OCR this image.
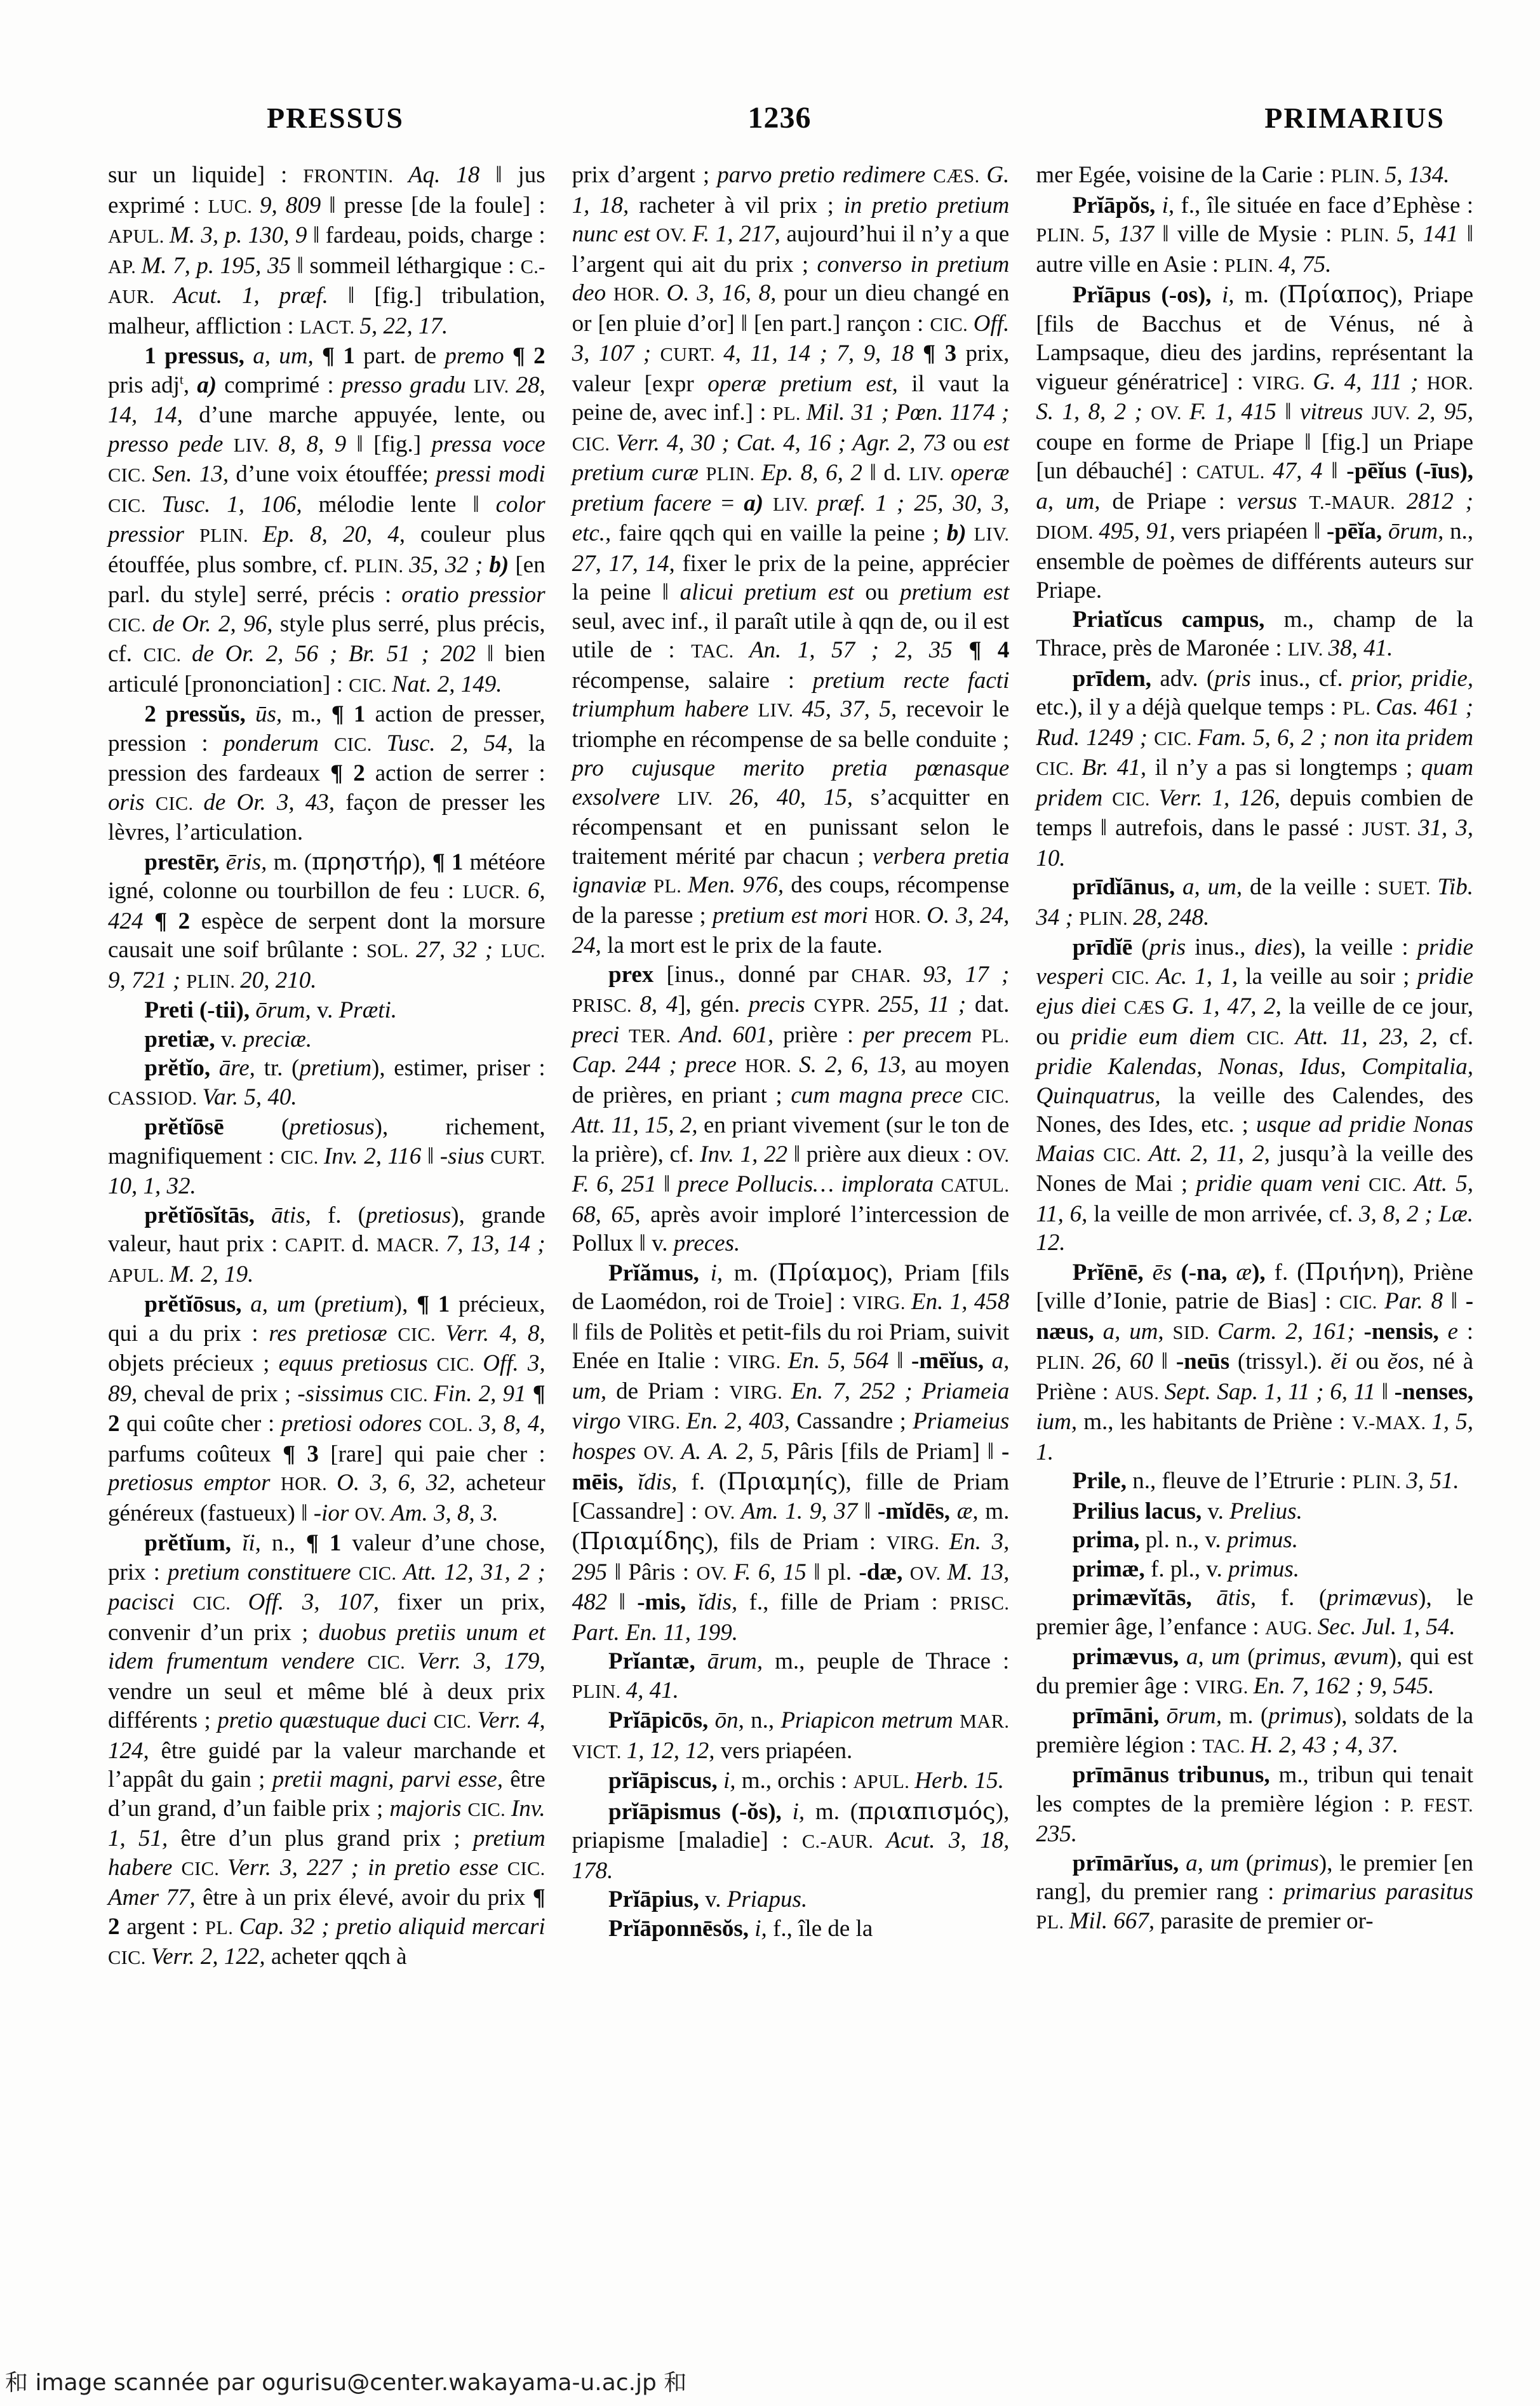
PRESSUS	1236	PRIMARIUS

sur un liquide] : FRONTIN. Aq. 18 ‖ jus exprimé : LUC. 9, 809 ‖ presse [de la foule] : APUL. M. 3, p. 130, 9 ‖ fardeau, poids, charge : AP. M. 7, p. 195, 35 ‖ sommeil léthargique : C.-AUR. Acut. 1, præf. ‖ [fig.] tribulation, malheur, affliction : LACT. 5, 22, 17.

1 pressus, a, um, ¶ 1 part. de premo ¶ 2 pris adj$^t$, a) comprimé : presso gradu LIV. 28, 14, 14, d’une marche appuyée, lente, ou presso pede LIV. 8, 8, 9 ‖ [fig.] pressa voce CIC. Sen. 13, d’une voix étouffée; pressi modi CIC. Tusc. 1, 106, mélodie lente ‖ color pressior PLIN. Ep. 8, 20, 4, couleur plus étouffée, plus sombre, cf. PLIN. 35, 32 ; b) [en parl. du style] serré, précis : oratio pressior CIC. de Or. 2, 96, style plus serré, plus précis, cf. CIC. de Or. 2, 56 ; Br. 51 ; 202 ‖ bien articulé [prononciation] : CIC. Nat. 2, 149.

2 pressŭs, ūs, m., ¶ 1 action de presser, pression : ponderum CIC. Tusc. 2, 54, la pression des fardeaux ¶ 2 action de serrer : oris CIC. de Or. 3, 43, façon de presser les lèvres, l’articulation.

prestēr, ēris, m. (πρηστήρ), ¶ 1 météore igné, colonne ou tourbillon de feu : LUCR. 6, 424 ¶ 2 espèce de serpent dont la morsure causait une soif brûlante : SOL. 27, 32 ; LUC. 9, 721 ; PLIN. 20, 210.

Preti (-tii), ōrum, v. Præti.

pretiæ, v. preciæ.

prĕtĭo, āre, tr. (pretium), estimer, priser : CASSIOD. Var. 5, 40.

prĕtĭōsē (pretiosus), richement, magnifiquement : CIC. Inv. 2, 116 ‖ -sius CURT. 10, 1, 32.

prĕtĭōsĭtās, ātis, f. (pretiosus), grande valeur, haut prix : CAPIT. d. MACR. 7, 13, 14 ; APUL. M. 2, 19.

prĕtĭōsus, a, um (pretium), ¶ 1 précieux, qui a du prix : res pretiosæ CIC. Verr. 4, 8, objets précieux ; equus pretiosus CIC. Off. 3, 89, cheval de prix ; -sissimus CIC. Fin. 2, 91 ¶ 2 qui coûte cher : pretiosi odores COL. 3, 8, 4, parfums coûteux ¶ 3 [rare] qui paie cher : pretiosus emptor HOR. O. 3, 6, 32, acheteur généreux (fastueux) ‖ -ior OV. Am. 3, 8, 3.

prĕtĭum, ĭi, n., ¶ 1 valeur d’une chose, prix : pretium constituere CIC. Att. 12, 31, 2 ; pacisci CIC. Off. 3, 107, fixer un prix, convenir d’un prix ; duobus pretiis unum et idem frumentum vendere CIC. Verr. 3, 179, vendre un seul et même blé à deux prix différents ; pretio quæstuque duci CIC. Verr. 4, 124, être guidé par la valeur marchande et l’appât du gain ; pretii magni, parvi esse, être d’un grand, d’un faible prix ; majoris CIC. Inv. 1, 51, être d’un plus grand prix ; pretium habere CIC. Verr. 3, 227 ; in pretio esse CIC. Amer 77, être à un prix élevé, avoir du prix ¶ 2 argent : PL. Cap. 32 ; pretio aliquid mercari CIC. Verr. 2, 122, acheter qqch à

prix d’argent ; parvo pretio redimere CÆS. G. 1, 18, racheter à vil prix ; in pretio pretium nunc est OV. F. 1, 217, aujourd’hui il n’y a que l’argent qui ait du prix ; converso in pretium deo HOR. O. 3, 16, 8, pour un dieu changé en or [en pluie d’or] ‖ [en part.] rançon : CIC. Off. 3, 107 ; CURT. 4, 11, 14 ; 7, 9, 18 ¶ 3 prix, valeur [expr operæ pretium est, il vaut la peine de, avec inf.] : PL. Mil. 31 ; Pœn. 1174 ; CIC. Verr. 4, 30 ; Cat. 4, 16 ; Agr. 2, 73 ou est pretium curæ PLIN. Ep. 8, 6, 2 ‖ d. LIV. operæ pretium facere = a) LIV. præf. 1 ; 25, 30, 3, etc., faire qqch qui en vaille la peine ; b) LIV. 27, 17, 14, fixer le prix de la peine, apprécier la peine ‖ alicui pretium est ou pretium est seul, avec inf., il paraît utile à qqn de, ou il est utile de : TAC. An. 1, 57 ; 2, 35 ¶ 4 récompense, salaire : pretium recte facti triumphum habere LIV. 45, 37, 5, recevoir le triomphe en récompense de sa belle conduite ; pro cujusque merito pretia pœnasque exsolvere LIV. 26, 40, 15, s’acquitter en récompensant et en punissant selon le traitement mérité par chacun ; verbera pretia ignaviæ PL. Men. 976, des coups, récompense de la paresse ; pretium est mori HOR. O. 3, 24, 24, la mort est le prix de la faute.

prex [inus., donné par CHAR. 93, 17 ; PRISC. 8, 4], gén. precis CYPR. 255, 11 ; dat. preci TER. And. 601, prière : per precem PL. Cap. 244 ; prece HOR. S. 2, 6, 13, au moyen de prières, en priant ; cum magna prece CIC. Att. 11, 15, 2, en priant vivement (sur le ton de la prière), cf. Inv. 1, 22 ‖ prière aux dieux : OV. F. 6, 251 ‖ prece Pollucis… implorata CATUL. 68, 65, après avoir imploré l’intercession de Pollux ‖ v. preces.

Prĭămus, i, m. (Πρίαμος), Priam [fils de Laomédon, roi de Troie] : VIRG. En. 1, 458 ‖ fils de Politès et petit-fils du roi Priam, suivit Enée en Italie : VIRG. En. 5, 564 ‖ -mēĭus, a, um, de Priam : VIRG. En. 7, 252 ; Priameia virgo VIRG. En. 2, 403, Cassandre ; Priameius hospes OV. A. A. 2, 5, Pâris [fils de Priam] ‖ -mēis, ĭdis, f. (Πριαμηίς), fille de Priam [Cassandre] : OV. Am. 1. 9, 37 ‖ -mĭdēs, æ, m. (Πριαμίδης), fils de Priam : VIRG. En. 3, 295 ‖ Pâris : OV. F. 6, 15 ‖ pl. -dæ, OV. M. 13, 482 ‖ -mis, ĭdis, f., fille de Priam : PRISC. Part. En. 11, 199.

Prĭantæ, ārum, m., peuple de Thrace : PLIN. 4, 41.

Prĭāpicōs, ōn, n., Priapicon metrum MAR. VICT. 1, 12, 12, vers priapéen.

prĭāpiscus, i, m., orchis : APUL. Herb. 15.

prĭāpismus (-ŏs), i, m. (πριαπισμός), priapisme [maladie] : C.-AUR. Acut. 3, 18, 178.

Prĭāpius, v. Priapus.

Prĭāponnēsŏs, i, f., île de la

mer Egée, voisine de la Carie : PLIN. 5, 134.

Prĭāpŏs, i, f., île située en face d’Ephèse : PLIN. 5, 137 ‖ ville de Mysie : PLIN. 5, 141 ‖ autre ville en Asie : PLIN. 4, 75.

Prĭāpus (-os), i, m. (Πρίαπος), Priape [fils de Bacchus et de Vénus, né à Lampsaque, dieu des jardins, représentant la vigueur génératrice] : VIRG. G. 4, 111 ; HOR. S. 1, 8, 2 ; OV. F. 1, 415 ‖ vitreus JUV. 2, 95, coupe en forme de Priape ‖ [fig.] un Priape [un débauché] : CATUL. 47, 4 ‖ -pēĭus (-īus), a, um, de Priape : versus T.-MAUR. 2812 ; DIOM. 495, 91, vers priapéen ‖ -pēĭa, ōrum, n., ensemble de poèmes de différents auteurs sur Priape.

Priatĭcus campus, m., champ de la Thrace, près de Maronée : LIV. 38, 41.

prīdem, adv. (pris inus., cf. prior, pridie, etc.), il y a déjà quelque temps : PL. Cas. 461 ; Rud. 1249 ; CIC. Fam. 5, 6, 2 ; non ita pridem CIC. Br. 41, il n’y a pas si longtemps ; quam pridem CIC. Verr. 1, 126, depuis combien de temps ‖ autrefois, dans le passé : JUST. 31, 3, 10.

prīdĭānus, a, um, de la veille : SUET. Tib. 34 ; PLIN. 28, 248.

prīdĭē (pris inus., dies), la veille : pridie vesperi CIC. Ac. 1, 1, la veille au soir ; pridie ejus diei CÆS G. 1, 47, 2, la veille de ce jour, ou pridie eum diem CIC. Att. 11, 23, 2, cf. pridie Kalendas, Nonas, Idus, Compitalia, Quinquatrus, la veille des Calendes, des Nones, des Ides, etc. ; usque ad pridie Nonas Maias CIC. Att. 2, 11, 2, jusqu’à la veille des Nones de Mai ; pridie quam veni CIC. Att. 5, 11, 6, la veille de mon arrivée, cf. 3, 8, 2 ; Læ. 12.

Prĭēnē, ēs (-na, æ), f. (Πριήνη), Priène [ville d’Ionie, patrie de Bias] : CIC. Par. 8 ‖ -næus, a, um, SID. Carm. 2, 161; -nensis, e : PLIN. 26, 60 ‖ -neūs (trissyl.). ĕi ou ĕos, né à Priène : AUS. Sept. Sap. 1, 11 ; 6, 11 ‖ -nenses, ium, m., les habitants de Priène : V.-MAX. 1, 5, 1.

Prile, n., fleuve de l’Etrurie : PLIN. 3, 51.

Prilius lacus, v. Prelius.

prima, pl. n., v. primus.

primæ, f. pl., v. primus.

primævĭtās, ātis, f. (primævus), le premier âge, l’enfance : AUG. Sec. Jul. 1, 54.

primævus, a, um (primus, ævum), qui est du premier âge : VIRG. En. 7, 162 ; 9, 545.

prīmāni, ōrum, m. (primus), soldats de la première légion : TAC. H. 2, 43 ; 4, 37.

prīmānus tribunus, m., tribun qui tenait les comptes de la première légion : P. FEST. 235.

prīmārĭus, a, um (primus), le premier [en rang], du premier rang : primarius parasitus PL. Mil. 667, parasite de premier or-

和 image scannée par ogurisu@center.wakayama-u.ac.jp 和
